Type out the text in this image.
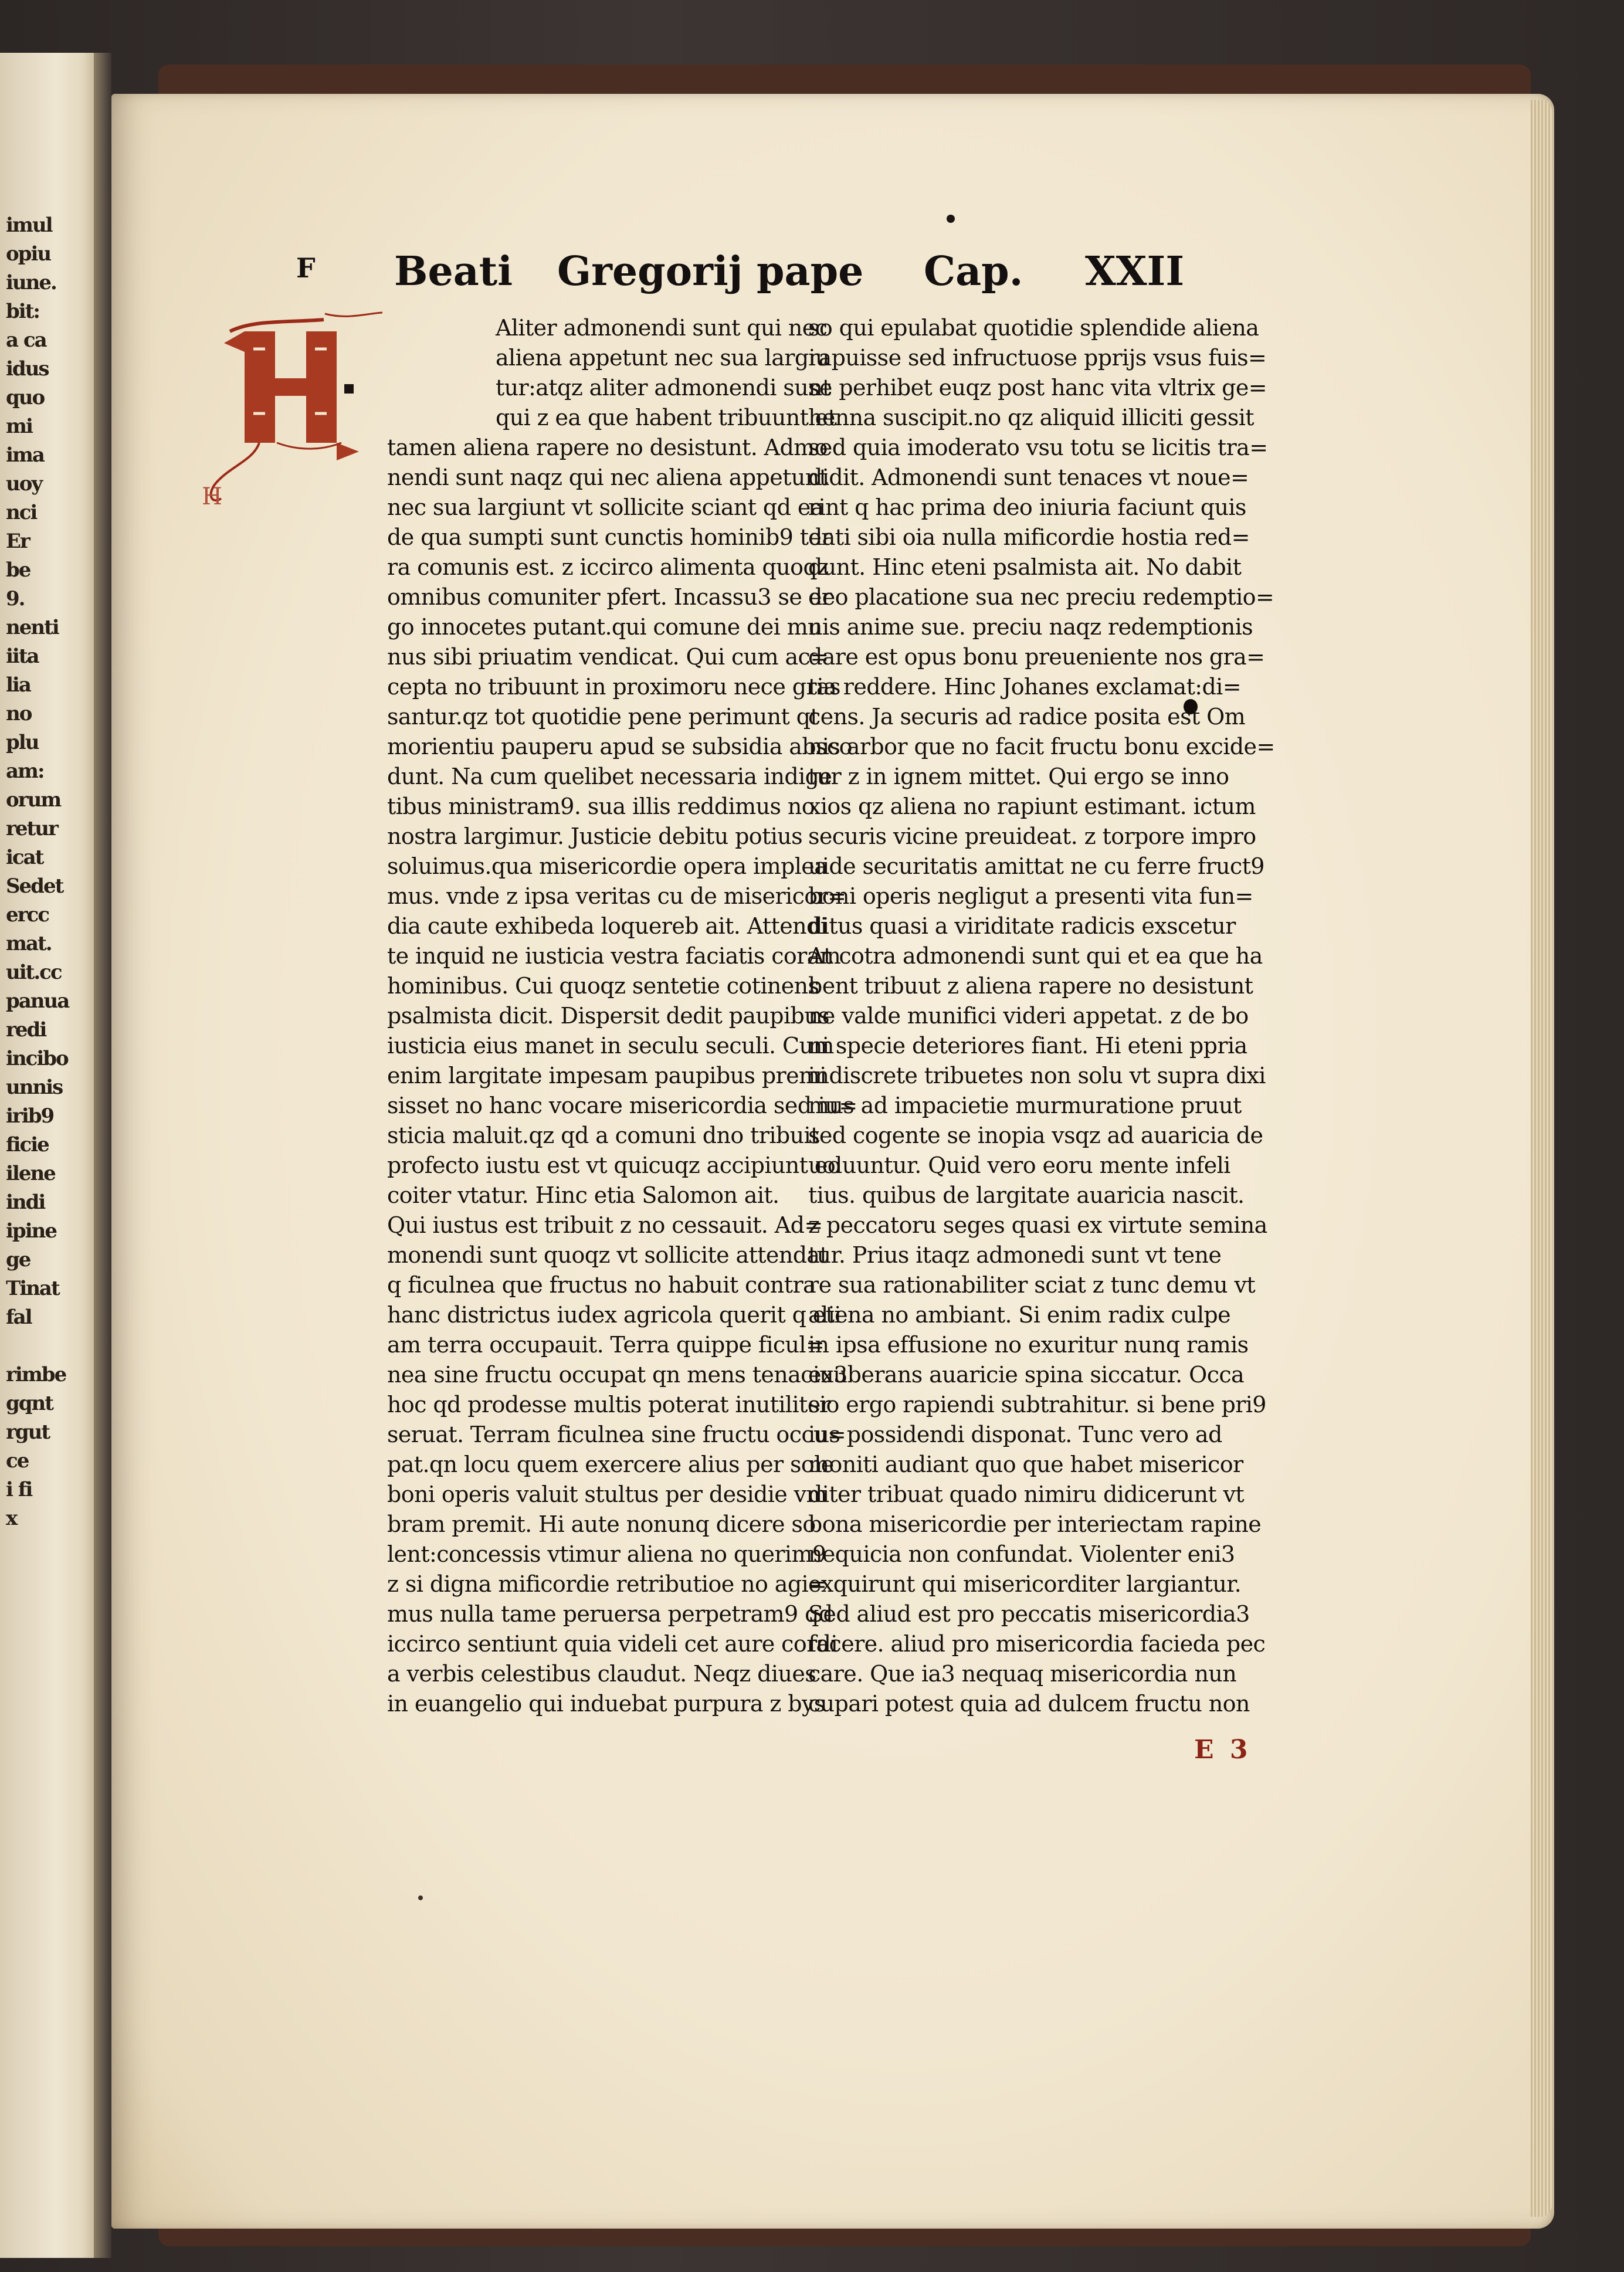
imul
opiu
iune.
bit:
a ca
idus
quo
mi
ima
uoy
nci
Er
be
9.
nenti
iita
lia
no
plu
am:
orum
retur
icat
Sedet
ercc
mat.
uit.cc
panua
redi
incibo
unnis
irib9
ficie
ilene
indi
ipine
ge
Tinat
fal
rimbe
gqnt
rgut
ce
i fi
x
F Beati Gregorij pape Cap. XXII
H
Aliter admonendi sunt qui nec
aliena appetunt nec sua largiu
tur:atqz aliter admonendi sunt
qui z ea que habent tribuunt et
tamen aliena rapere no desistunt. Admo
nendi sunt naqz qui nec aliena appetunt
nec sua largiunt vt sollicite sciant qd ea
de qua sumpti sunt cunctis hominib9 ter
ra comunis est. z iccirco alimenta quoqz
omnibus comuniter pfert. Incassu3 se er
go innocetes putant.qui comune dei mu
nus sibi priuatim vendicat. Qui cum ac=
cepta no tribuunt in proximoru nece gras
santur.qz tot quotidie pene perimunt qt
morientiu pauperu apud se subsidia absco
dunt. Na cum quelibet necessaria indige
tibus ministram9. sua illis reddimus no
nostra largimur. Justicie debitu potius
soluimus.qua misericordie opera implea
mus. vnde z ipsa veritas cu de misericor=
dia caute exhibeda loquereb ait. Attendi
te inquid ne iusticia vestra faciatis coram
hominibus. Cui quoqz sentetie cotinens
psalmista dicit. Dispersit dedit paupibus
iusticia eius manet in seculu seculi. Cum
enim largitate impesam paupibus premi
sisset no hanc vocare misericordia sed iu=
sticia maluit.qz qd a comuni dno tribuit
profecto iustu est vt quicuqz accipiunt eo
coiter vtatur. Hinc etia Salomon ait.
Qui iustus est tribuit z no cessauit. Ad=
monendi sunt quoqz vt sollicite attendat
q ficulnea que fructus no habuit contra
hanc districtus iudex agricola querit q eti
am terra occupauit. Terra quippe ficul=
nea sine fructu occupat qn mens tenaciu3
hoc qd prodesse multis poterat inutiliter
seruat. Terram ficulnea sine fructu occu=
pat.qn locu quem exercere alius per sole
boni operis valuit stultus per desidie vm
bram premit. Hi aute nonunq dicere so
lent:concessis vtimur aliena no querim9
z si digna mificordie retributioe no agi=
mus nulla tame peruersa perpetram9 qd
iccirco sentiunt quia videli cet aure cordi
a verbis celestibus claudut. Neqz diues
in euangelio qui induebat purpura z bys
so qui epulabat quotidie splendide aliena
rapuisse sed infructuose pprijs vsus fuis=
se perhibet euqz post hanc vita vltrix ge=
henna suscipit.no qz aliquid illiciti gessit
sed quia imoderato vsu totu se licitis tra=
didit. Admonendi sunt tenaces vt noue=
rint q hac prima deo iniuria faciunt quis
dati sibi oia nulla mificordie hostia red=
dunt. Hinc eteni psalmista ait. No dabit
deo placatione sua nec preciu redemptio=
nis anime sue. preciu naqz redemptionis
dare est opus bonu preueniente nos gra=
tia reddere. Hinc Johanes exclamat:di=
cens. Ja securis ad radice posita est Om
nis arbor que no facit fructu bonu excide=
tur z in ignem mittet. Qui ergo se inno
xios qz aliena no rapiunt estimant. ictum
securis vicine preuideat. z torpore impro
uide securitatis amittat ne cu ferre fruct9
boni operis negligut a presenti vita fun=
ditus quasi a viriditate radicis exscetur
At cotra admonendi sunt qui et ea que ha
bent tribuut z aliena rapere no desistunt
ne valde munifici videri appetat. z de bo
ni specie deteriores fiant. Hi eteni ppria
indiscrete tribuetes non solu vt supra dixi
mus ad impacietie murmuratione pruut
sed cogente se inopia vsqz ad auaricia de
uoluuntur. Quid vero eoru mente infeli
tius. quibus de largitate auaricia nascit.
z peccatoru seges quasi ex virtute semina
tur. Prius itaqz admonedi sunt vt tene
re sua rationabiliter sciat z tunc demu vt
aliena no ambiant. Si enim radix culpe
in ipsa effusione no exuritur nunq ramis
exuberans auaricie spina siccatur. Occa
sio ergo rapiendi subtrahitur. si bene pri9
ius possidendi disponat. Tunc vero ad
moniti audiant quo que habet misericor
diter tribuat quado nimiru didicerunt vt
bona misericordie per interiectam rapine
nequicia non confundat. Violenter eni3
exquirunt qui misericorditer largiantur.
Sed aliud est pro peccatis misericordia3
facere. aliud pro misericordia facieda pec
care. Que ia3 nequaq misericordia nun
cupari potest quia ad dulcem fructu non
E 3
